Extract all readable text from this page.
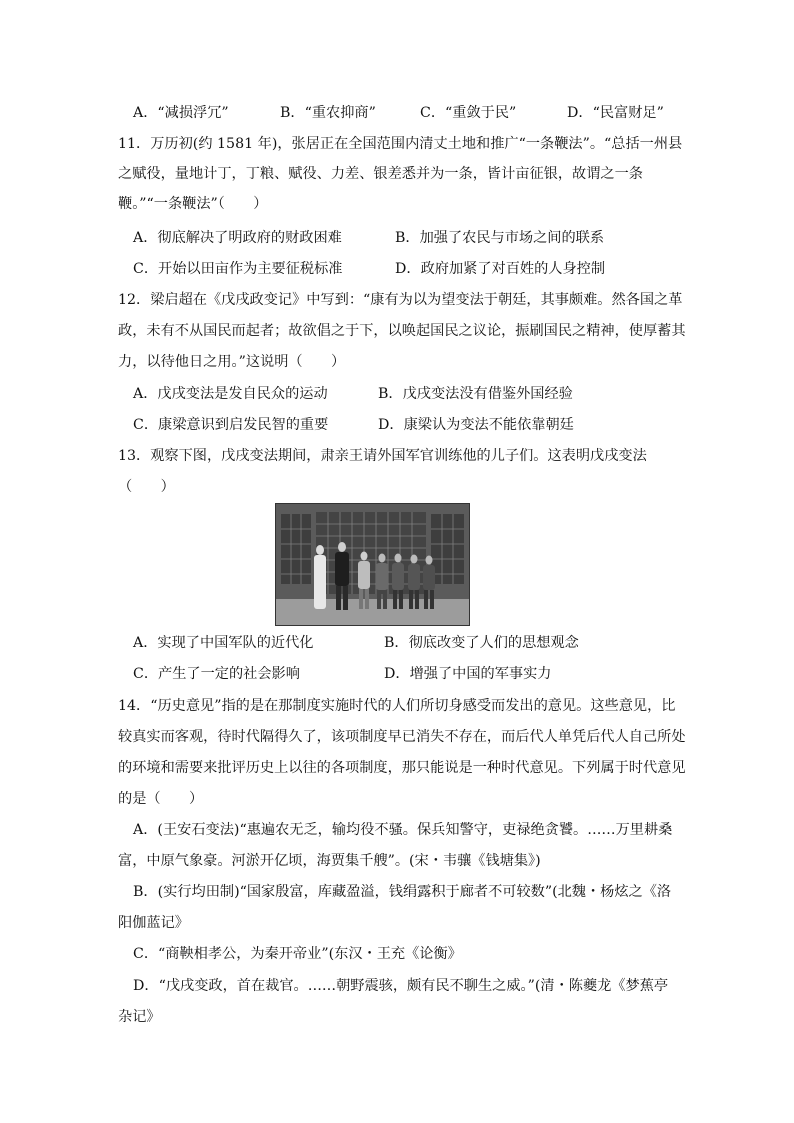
A．“减损浮冗”	B．“重农抑商”	C．“重敛于民”	D．“民富财足”
11．万历初(约 1581 年)，张居正在全国范围内清丈土地和推广“一条鞭法”。“总括一州县
之赋役，量地计丁，丁粮、赋役、力差、银差悉并为一条，皆计亩征银，故谓之一条
鞭。”“一条鞭法”（　　）
A．彻底解决了明政府的财政困难	B．加强了农民与市场之间的联系
C．开始以田亩作为主要征税标准	D．政府加紧了对百姓的人身控制
12．梁启超在《戊戌政变记》中写到：“康有为以为望变法于朝廷，其事颇难。然各国之革
政，未有不从国民而起者；故欲倡之于下，以唤起国民之议论，振刷国民之精神，使厚蓄其
力，以待他日之用。”这说明（　　）
A．戊戌变法是发自民众的运动	B．戊戌变法没有借鉴外国经验
C．康梁意识到启发民智的重要	D．康梁认为变法不能依靠朝廷
13．观察下图，戊戌变法期间，肃亲王请外国军官训练他的儿子们。这表明戊戌变法
（　　）
A．实现了中国军队的近代化	B．彻底改变了人们的思想观念
C．产生了一定的社会影响	D．增强了中国的军事实力
14．“历史意见”指的是在那制度实施时代的人们所切身感受而发出的意见。这些意见，比
较真实而客观，待时代隔得久了，该项制度早已消失不存在，而后代人单凭后代人自己所处
的环境和需要来批评历史上以往的各项制度，那只能说是一种时代意见。下列属于时代意见
的是（　　）
A．(王安石变法)“惠遍农无乏，输均役不骚。保兵知警守，吏禄绝贪饕。……万里耕桑
富，中原气象豪。河淤开亿顷，海贾集千艘”。(宋・韦骧《钱塘集》)
B．(实行均田制)“国家殷富，库藏盈溢，钱绢露积于廊者不可较数”(北魏・杨炫之《洛
阳伽蓝记》
C．“商鞅相孝公，为秦开帝业”(东汉・王充《论衡》
D．“戊戌变政，首在裁官。……朝野震骇，颇有民不聊生之威。”(清・陈夔龙《梦蕉亭
杂记》
